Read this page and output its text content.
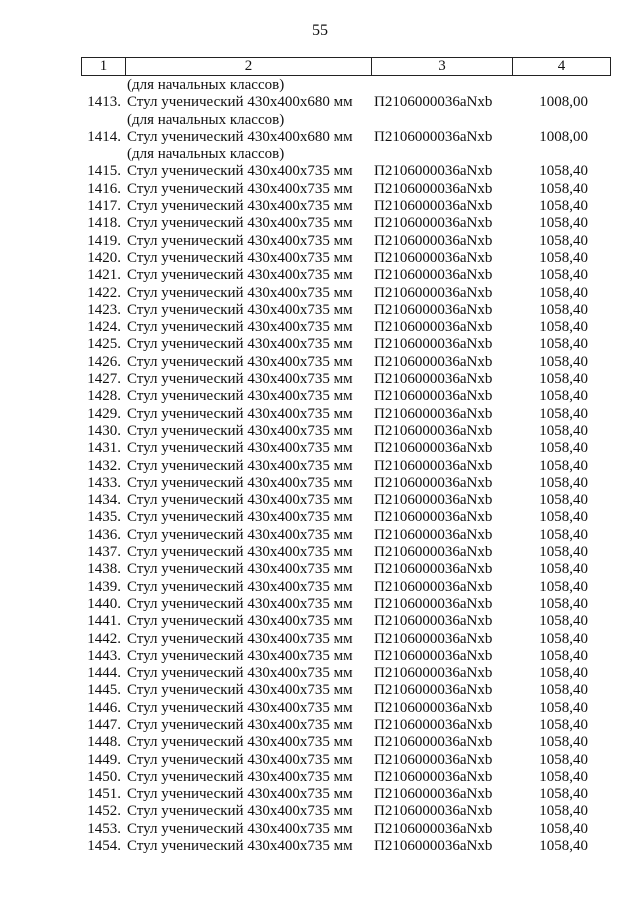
55
1	2	3	4
(для начальных классов)
1413. Стул ученический 430х400х680 мм П2106000036аNxb	1008,00
(для начальных классов)
1414. Стул ученический 430х400х680 мм П2106000036аNxb	1008,00
(для начальных классов)
1415. Стул ученический 430х400х735 мм П2106000036аNxb	1058,40
1416. Стул ученический 430х400х735 мм П2106000036аNxb	1058,40
1417. Стул ученический 430х400х735 мм П2106000036аNxb	1058,40
1418. Стул ученический 430х400х735 мм П2106000036аNxb	1058,40
1419. Стул ученический 430х400х735 мм П2106000036аNxb	1058,40
1420. Стул ученический 430х400х735 мм П2106000036аNxb	1058,40
1421. Стул ученический 430х400х735 мм П2106000036аNxb	1058,40
1422. Стул ученический 430х400х735 мм П2106000036аNxb	1058,40
1423. Стул ученический 430х400х735 мм П2106000036аNxb	1058,40
1424. Стул ученический 430х400х735 мм П2106000036аNxb	1058,40
1425. Стул ученический 430х400х735 мм П2106000036аNxb	1058,40
1426. Стул ученический 430х400х735 мм П2106000036аNxb	1058,40
1427. Стул ученический 430х400х735 мм П2106000036аNxb	1058,40
1428. Стул ученический 430х400х735 мм П2106000036аNxb	1058,40
1429. Стул ученический 430х400х735 мм П2106000036аNxb	1058,40
1430. Стул ученический 430х400х735 мм П2106000036аNxb	1058,40
1431. Стул ученический 430х400х735 мм П2106000036аNxb	1058,40
1432. Стул ученический 430х400х735 мм П2106000036аNxb	1058,40
1433. Стул ученический 430х400х735 мм П2106000036аNxb	1058,40
1434. Стул ученический 430х400х735 мм П2106000036аNxb	1058,40
1435. Стул ученический 430х400х735 мм П2106000036аNxb	1058,40
1436. Стул ученический 430х400х735 мм П2106000036аNxb	1058,40
1437. Стул ученический 430х400х735 мм П2106000036аNxb	1058,40
1438. Стул ученический 430х400х735 мм П2106000036аNxb	1058,40
1439. Стул ученический 430х400х735 мм П2106000036аNxb	1058,40
1440. Стул ученический 430х400х735 мм П2106000036аNxb	1058,40
1441. Стул ученический 430х400х735 мм П2106000036аNxb	1058,40
1442. Стул ученический 430х400х735 мм П2106000036аNxb	1058,40
1443. Стул ученический 430х400х735 мм П2106000036аNxb	1058,40
1444. Стул ученический 430х400х735 мм П2106000036аNxb	1058,40
1445. Стул ученический 430х400х735 мм П2106000036аNxb	1058,40
1446. Стул ученический 430х400х735 мм П2106000036аNxb	1058,40
1447. Стул ученический 430х400х735 мм П2106000036аNxb	1058,40
1448. Стул ученический 430х400х735 мм П2106000036аNxb	1058,40
1449. Стул ученический 430х400х735 мм П2106000036аNxb	1058,40
1450. Стул ученический 430х400х735 мм П2106000036аNxb	1058,40
1451. Стул ученический 430х400х735 мм П2106000036аNxb	1058,40
1452. Стул ученический 430х400х735 мм П2106000036аNxb	1058,40
1453. Стул ученический 430х400х735 мм П2106000036аNxb	1058,40
1454. Стул ученический 430х400х735 мм П2106000036аNxb	1058,40
